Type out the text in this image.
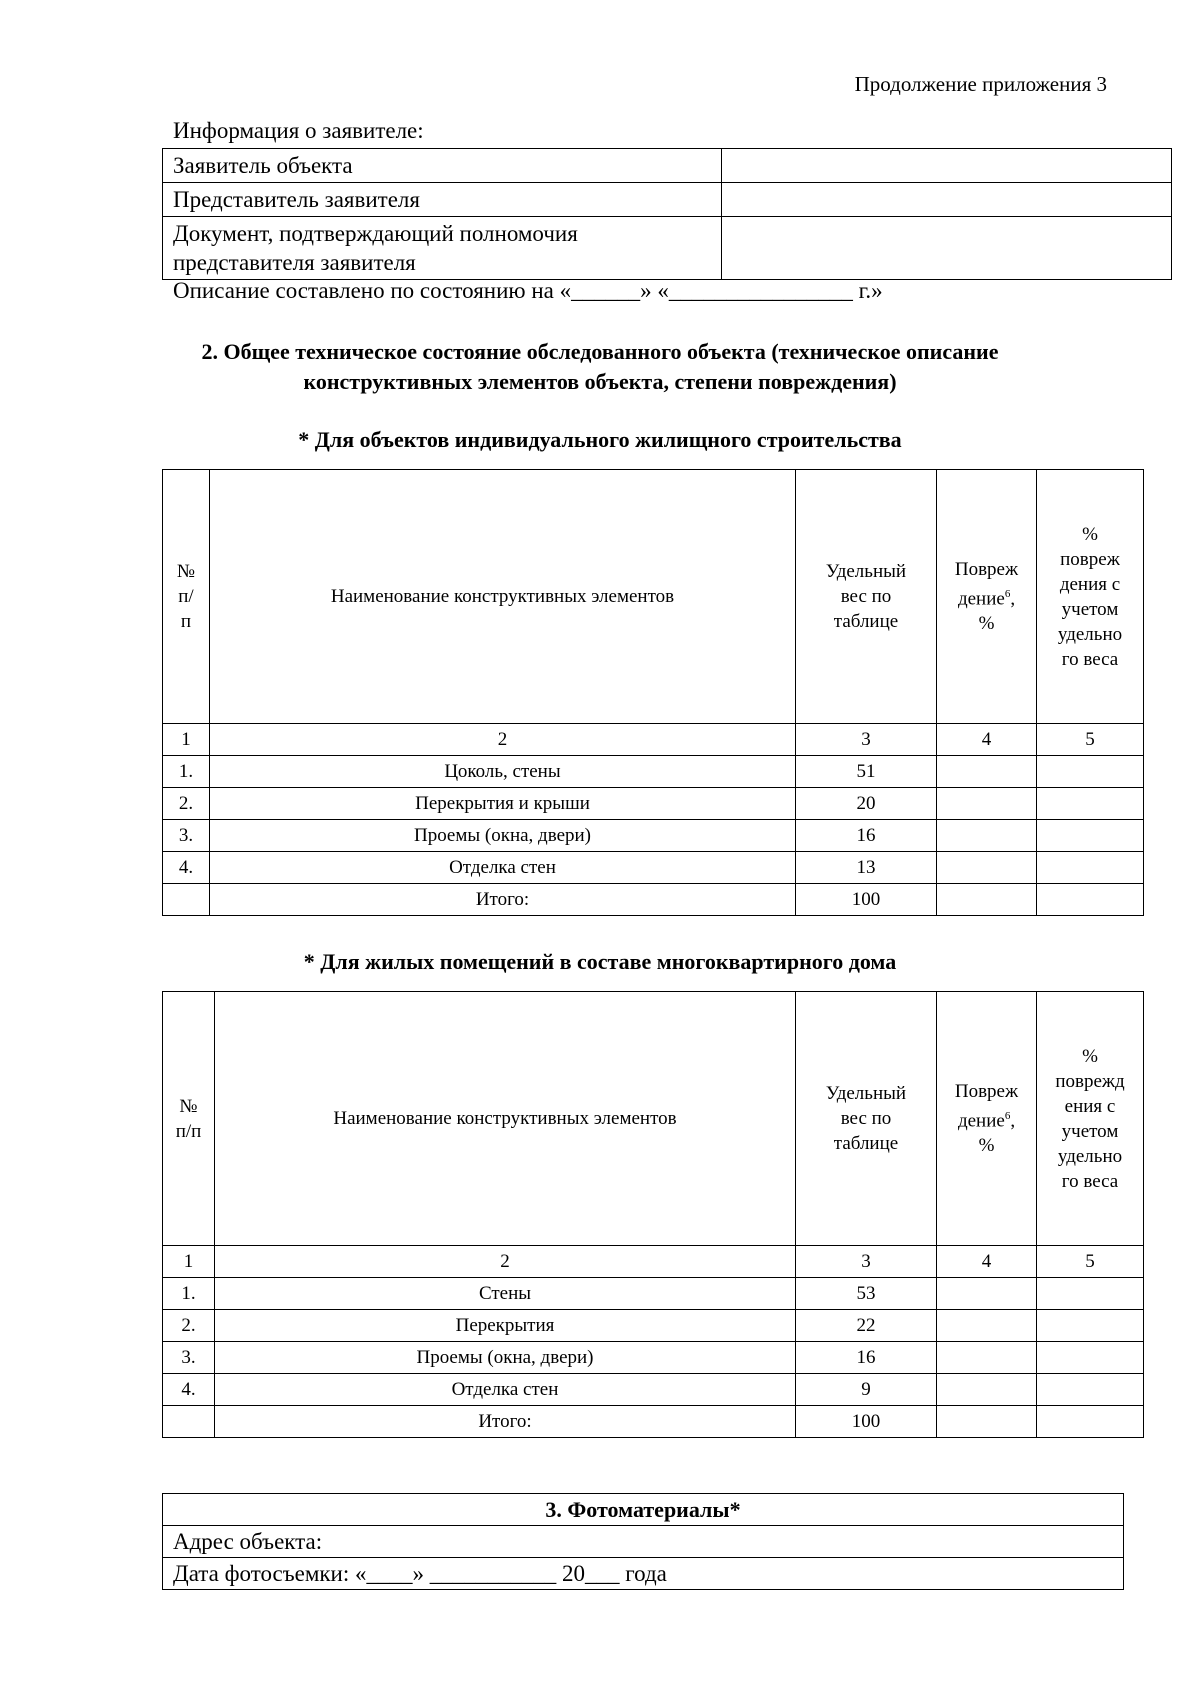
Продолжение приложения 3
Информация о заявителе:
Заявитель объекта	
Представитель заявителя	
Документ, подтверждающий полномочия представителя заявителя	
Описание составлено по состоянию на «______» «________________ г.»
2. Общее техническое состояние обследованного объекта (техническое описание конструктивных элементов объекта, степени повреждения)
* Для объектов индивидуального жилищного строительства
№ п/ п	Наименование конструктивных элементов	Удельный вес по таблице	Повреж дение$^6$, %	% повреж дения с учетом удельно го веса

1	2	3	4	5
1.	Цоколь, стены	51		
2.	Перекрытия и крыши	20		
3.	Проемы (окна, двери)	16		
4.	Отделка стен	13		
	Итого:	100		
* Для жилых помещений в составе многоквартирного дома
№ п/п	Наименование конструктивных элементов	Удельный вес по таблице	Повреж дение$^6$, %	% поврежд ения с учетом удельно го веса

1	2	3	4	5
1.	Стены	53		
2.	Перекрытия	22		
3.	Проемы (окна, двери)	16		
4.	Отделка стен	9		
	Итого:	100		
3. Фотоматериалы*
Адрес объекта:
Дата фотосъемки: «____» ___________ 20___ года
